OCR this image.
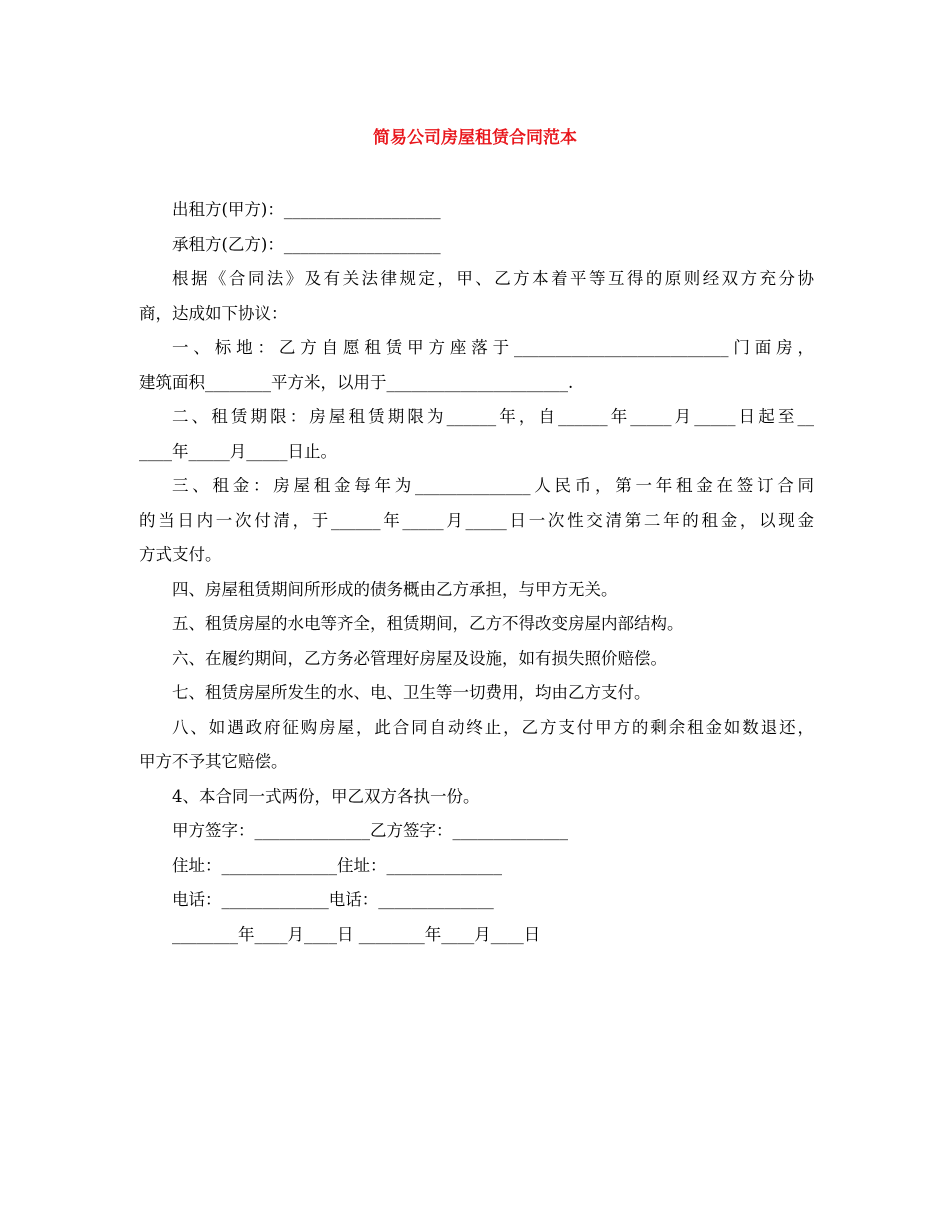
简易公司房屋租赁合同范本

出租方(甲方)：___________________

承租方(乙方)：___________________

根据《合同法》及有关法律规定，甲、乙方本着平等互得的原则经双方充分协

商，达成如下协议：

一、标地：乙方自愿租赁甲方座落于__________________________门面房，

建筑面积________平方米，以用于______________________.

二、租赁期限：房屋租赁期限为______年，自______年_____月_____日起至__

____年_____月_____日止。

三、租金：房屋租金每年为______________人民币，第一年租金在签订合同

的当日内一次付清，于______年_____月_____日一次性交清第二年的租金，以现金

方式支付。

四、房屋租赁期间所形成的债务概由乙方承担，与甲方无关。

五、租赁房屋的水电等齐全，租赁期间，乙方不得改变房屋内部结构。

六、在履约期间，乙方务必管理好房屋及设施，如有损失照价赔偿。

七、租赁房屋所发生的水、电、卫生等一切费用，均由乙方支付。

八、如遇政府征购房屋，此合同自动终止，乙方支付甲方的剩余租金如数退还，

甲方不予其它赔偿。

4、本合同一式两份，甲乙双方各执一份。

甲方签字：______________乙方签字：______________

住址：______________住址：______________

电话：_____________电话：______________

________年____月____日 ________年____月____日
